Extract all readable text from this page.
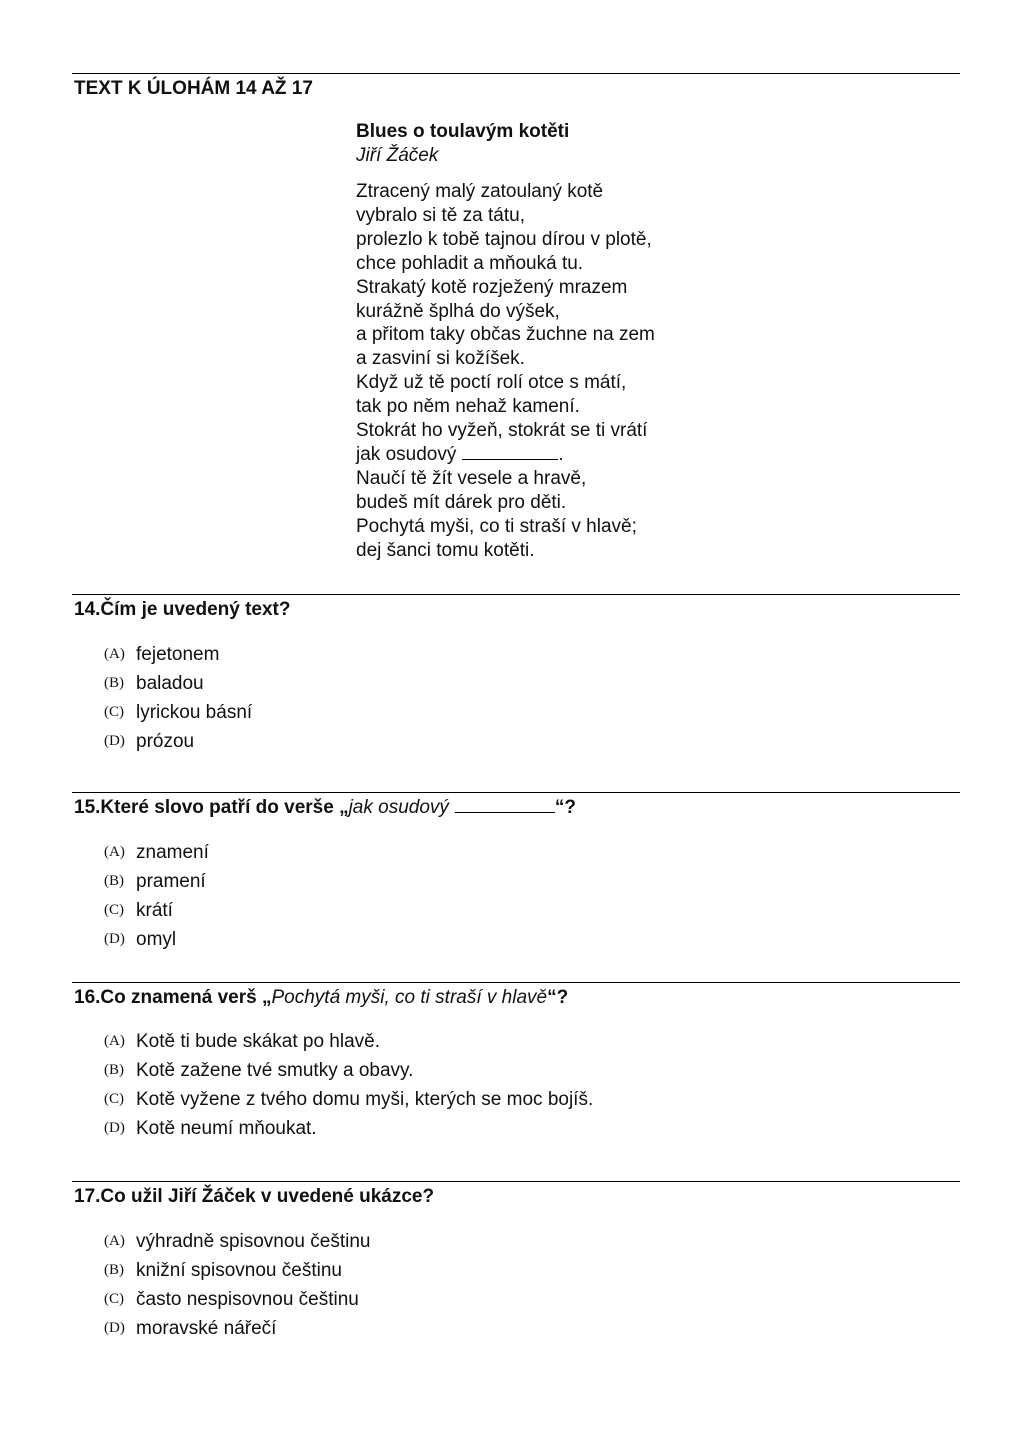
TEXT K ÚLOHÁM 14 AŽ 17
Blues o toulavým kotěti
Jiří Žáček
Ztracený malý zatoulaný kotě
vybralo si tě za tátu,
prolezlo k tobě tajnou dírou v plotě,
chce pohladit a mňouká tu.
Strakatý kotě rozježený mrazem
kurážně šplhá do výšek,
a přitom taky občas žuchne na zem
a zasviní si kožíšek.
Když už tě poctí rolí otce s mátí,
tak po něm nehaž kamení.
Stokrát ho vyžeň, stokrát se ti vrátí
jak osudový	.
Naučí tě žít vesele a hravě,
budeš mít dárek pro děti.
Pochytá myši, co ti straší v hlavě;
dej šanci tomu kotěti.
14.Čím je uvedený text?
(A) fejetonem
(B) baladou
(C) lyrickou básní
(D) prózou
15.Které slovo patří do verše „jak osudový	“?
(A) znamení
(B) pramení
(C) krátí
(D) omyl
16.Co znamená verš „Pochytá myši, co ti straší v hlavě“?
(A) Kotě ti bude skákat po hlavě.
(B) Kotě zažene tvé smutky a obavy.
(C) Kotě vyžene z tvého domu myši, kterých se moc bojíš.
(D) Kotě neumí mňoukat.
17.Co užil Jiří Žáček v uvedené ukázce?
(A) výhradně spisovnou češtinu
(B) knižní spisovnou češtinu
(C) často nespisovnou češtinu
(D) moravské nářečí
